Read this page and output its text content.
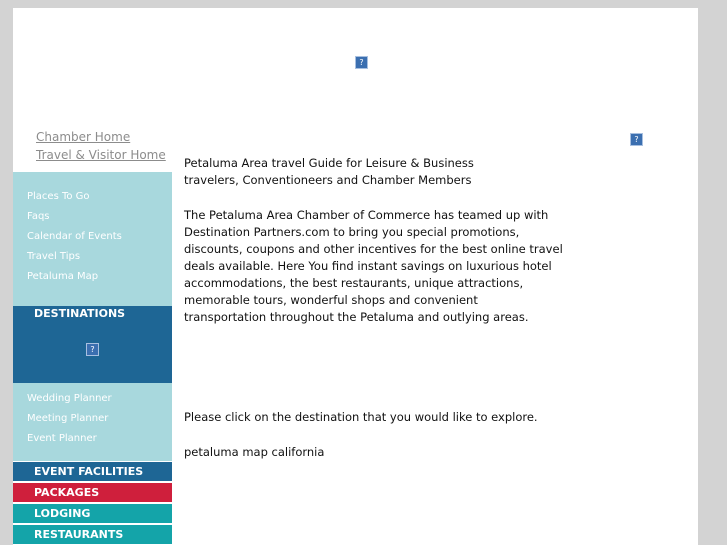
?
?
Chamber Home
Travel & Visitor Home
Places To Go
Faqs
Calendar of Events
Travel Tips
Petaluma Map
DESTINATIONS
?
Wedding Planner
Meeting Planner
Event Planner
EVENT FACILITIES
PACKAGES
LODGING
RESTAURANTS
Petaluma Area travel Guide for Leisure & Business
travelers, Conventioneers and Chamber Members
The Petaluma Area Chamber of Commerce has teamed up with
Destination Partners.com to bring you special promotions,
discounts, coupons and other incentives for the best online travel
deals available. Here You find instant savings on luxurious hotel
accommodations, the best restaurants, unique attractions,
memorable tours, wonderful shops and convenient
transportation throughout the Petaluma and outlying areas.
Please click on the destination that you would like to explore.
petaluma map california
